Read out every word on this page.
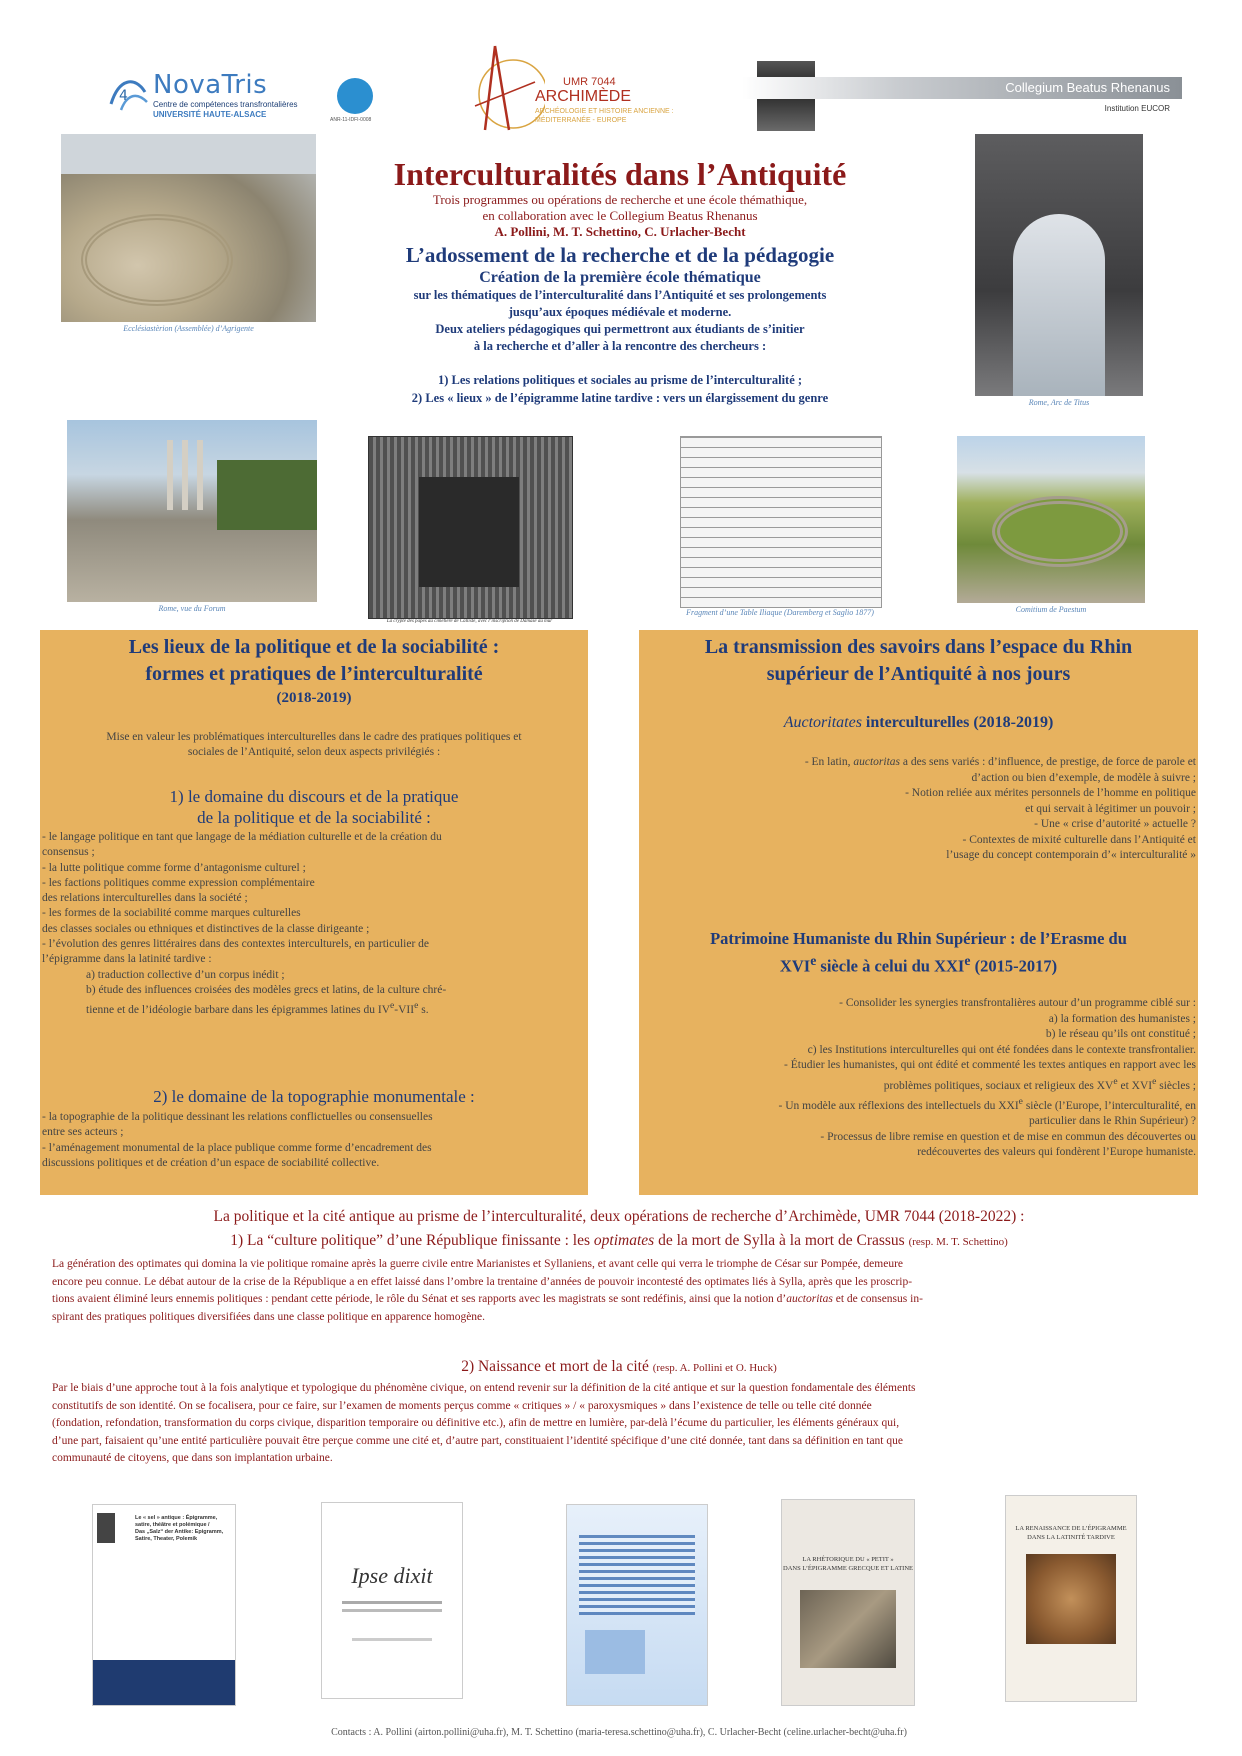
4 NovaTris
Centre de compétences transfrontalières
UNIVERSITÉ HAUTE-ALSACE
ANR-11-IDFI-0008
UMR 7044
ARCHIMÈDE
ARCHÉOLOGIE ET HISTOIRE ANCIENNE :
MÉDITERRANÉE - EUROPE
Collegium Beatus Rhenanus
Institution EUCOR
Ecclésiastèrion (Assemblée) d’Agrigente
Rome, Arc de Titus
Interculturalités dans l’Antiquité
Trois programmes ou opérations de recherche et une école thémathique,
en collaboration avec le Collegium Beatus Rhenanus
A. Pollini, M. T. Schettino, C. Urlacher-Becht
L’adossement de la recherche et de la pédagogie
Création de la première école thématique
sur les thématiques de l’interculturalité dans l’Antiquité et ses prolongements
jusqu’aux époques médiévale et moderne.
Deux ateliers pédagogiques qui permettront aux étudiants de s’initier
à la recherche et d’aller à la rencontre des chercheurs :
1) Les relations politiques et sociales au prisme de l’interculturalité ;
2) Les « lieux » de l’épigramme latine tardive : vers un élargissement du genre
Rome, vue du Forum
La crypte des papes au cimetière de Calliste, avec l’inscription de Damase au mur
Fragment d’une Table Iliaque (Daremberg et Saglio 1877)	Comitium de Paestum
Les lieux de la politique et de la sociabilité :
formes et pratiques de l’interculturalité
(2018-2019)
Mise en valeur les problématiques interculturelles dans le cadre des pratiques politiques et
sociales de l’Antiquité, selon deux aspects privilégiés :
1) le domaine du discours et de la pratique
de la politique et de la sociabilité :
- le langage politique en tant que langage de la médiation culturelle et de la création du
consensus ;
- la lutte politique comme forme d’antagonisme culturel ;
- les factions politiques comme expression complémentaire
des relations interculturelles dans la société ;
- les formes de la sociabilité comme marques culturelles
des classes sociales ou ethniques et distinctives de la classe dirigeante ;
- l’évolution des genres littéraires dans des contextes interculturels, en particulier de
l’épigramme dans la latinité tardive :
a) traduction collective d’un corpus inédit ;
b) étude des influences croisées des modèles grecs et latins, de la culture chré-
tienne et de l’idéologie barbare dans les épigrammes latines du IVe-VIIe s.
2) le domaine de la topographie monumentale :
- la topographie de la politique dessinant les relations conflictuelles ou consensuelles
entre ses acteurs ;
- l’aménagement monumental de la place publique comme forme d’encadrement des
discussions politiques et de création d’un espace de sociabilité collective.
La transmission des savoirs dans l’espace du Rhin
supérieur de l’Antiquité à nos jours
Auctoritates interculturelles (2018-2019)
- En latin, auctoritas a des sens variés : d’influence, de prestige, de force de parole et
d’action ou bien d’exemple, de modèle à suivre ;
- Notion reliée aux mérites personnels de l’homme en politique
et qui servait à légitimer un pouvoir ;
- Une « crise d’autorité » actuelle ?
- Contextes de mixité culturelle dans l’Antiquité et
l’usage du concept contemporain d’« interculturalité »
Patrimoine Humaniste du Rhin Supérieur : de l’Erasme du
XVIe siècle à celui du XXIe (2015-2017)
- Consolider les synergies transfrontalières autour d’un programme ciblé sur :
a) la formation des humanistes ;
b) le réseau qu’ils ont constitué ;
c) les Institutions interculturelles qui ont été fondées dans le contexte transfrontalier.
- Étudier les humanistes, qui ont édité et commenté les textes antiques en rapport avec les
problèmes politiques, sociaux et religieux des XVe et XVIe siècles ;
- Un modèle aux réflexions des intellectuels du XXIe siècle (l’Europe, l’interculturalité, en
particulier dans le Rhin Supérieur) ?
- Processus de libre remise en question et de mise en commun des découvertes ou
redécouvertes des valeurs qui fondèrent l’Europe humaniste.
La politique et la cité antique au prisme de l’interculturalité, deux opérations de recherche d’Archimède, UMR 7044 (2018-2022) :
1) La “culture politique” d’une République finissante : les optimates de la mort de Sylla à la mort de Crassus (resp. M. T. Schettino)
La génération des optimates qui domina la vie politique romaine après la guerre civile entre Marianistes et Syllaniens, et avant celle qui verra le triomphe de César sur Pompée, demeure
encore peu connue. Le débat autour de la crise de la République a en effet laissé dans l’ombre la trentaine d’années de pouvoir incontesté des optimates liés à Sylla, après que les proscrip-
tions avaient éliminé leurs ennemis politiques : pendant cette période, le rôle du Sénat et ses rapports avec les magistrats se sont redéfinis, ainsi que la notion d’auctoritas et de consensus in-
spirant des pratiques politiques diversifiées dans une classe politique en apparence homogène.
2) Naissance et mort de la cité (resp. A. Pollini et O. Huck)
Par le biais d’une approche tout à la fois analytique et typologique du phénomène civique, on entend revenir sur la définition de la cité antique et sur la question fondamentale des éléments
constitutifs de son identité. On se focalisera, pour ce faire, sur l’examen de moments perçus comme « critiques » / « paroxysmiques » dans l’existence de telle ou telle cité donnée
(fondation, refondation, transformation du corps civique, disparition temporaire ou définitive etc.), afin de mettre en lumière, par-delà l’écume du particulier, les éléments généraux qui,
d’une part, faisaient qu’une entité particulière pouvait être perçue comme une cité et, d’autre part, constituaient l’identité spécifique d’une cité donnée, tant dans sa définition en tant que
communauté de citoyens, que dans son implantation urbaine.
Le « sel » antique : Épigramme,
satire, théâtre et polémique /
Das „Salz“ der Antike: Epigramm,
Satire, Theater, Polemik
Ipse dixit
LA RHÉTORIQUE DU « PETIT »
DANS L’ÉPIGRAMME GRECQUE ET LATINE
LA RENAISSANCE DE L’ÉPIGRAMME
DANS LA LATINITÉ TARDIVE
Contacts : A. Pollini (airton.pollini@uha.fr), M. T. Schettino (maria-teresa.schettino@uha.fr), C. Urlacher-Becht (celine.urlacher-becht@uha.fr)
